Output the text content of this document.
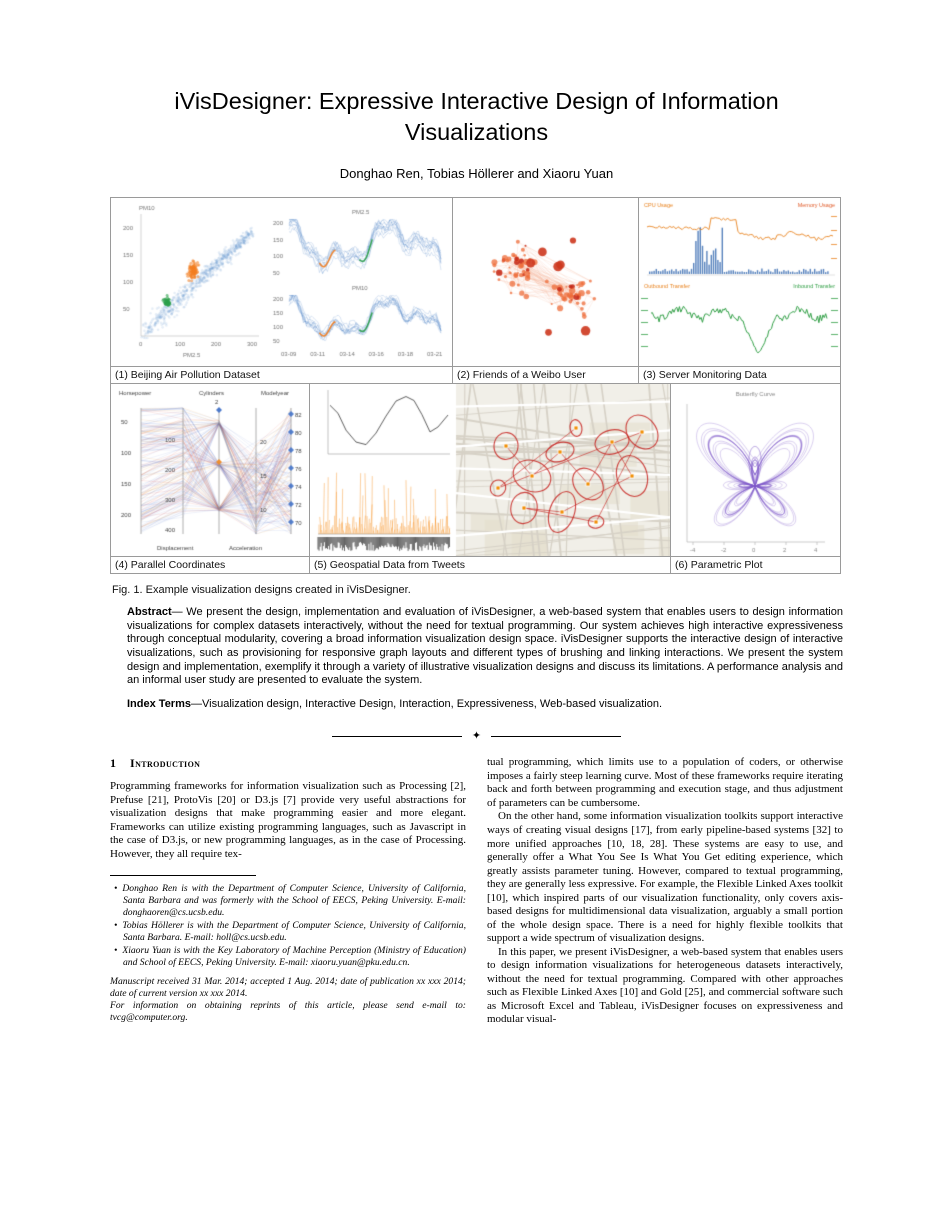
iVisDesigner: Expressive Interactive Design of Information Visualizations
Donghao Ren, Tobias Höllerer and Xiaoru Yuan
(1) Beijing Air Pollution Dataset	(2) Friends of a Weibo User	(3) Server Monitoring Data
(4) Parallel Coordinates	(5) Geospatial Data from Tweets	(6) Parametric Plot
Fig. 1. Example visualization designs created in iVisDesigner.

Abstract— We present the design, implementation and evaluation of iVisDesigner, a web-based system that enables users to design information visualizations for complex datasets interactively, without the need for textual programming. Our system achieves high interactive expressiveness through conceptual modularity, covering a broad information visualization design space. iVisDesigner supports the interactive design of interactive visualizations, such as provisioning for responsive graph layouts and different types of brushing and linking interactions. We present the system design and implementation, exemplify it through a variety of illustrative visualization designs and discuss its limitations. A performance analysis and an informal user study are presented to evaluate the system.

Index Terms—Visualization design, Interactive Design, Interaction, Expressiveness, Web-based visualization.

✦
1 Introduction

Programming frameworks for information visualization such as Processing [2], Prefuse [21], ProtoVis [20] or D3.js [7] provide very useful abstractions for visualization designs that make programming easier and more elegant. Frameworks can utilize existing programming languages, such as Javascript in the case of D3.js, or new programming languages, as in the case of Processing. However, they all require tex-

• Donghao Ren is with the Department of Computer Science, University of California, Santa Barbara and was formerly with the School of EECS, Peking University. E-mail: donghaoren@cs.ucsb.edu.
• Tobias Höllerer is with the Department of Computer Science, University of California, Santa Barbara. E-mail: holl@cs.ucsb.edu.
• Xiaoru Yuan is with the Key Laboratory of Machine Perception (Ministry of Education) and School of EECS, Peking University. E-mail: xiaoru.yuan@pku.edu.cn.

Manuscript received 31 Mar. 2014; accepted 1 Aug. 2014; date of publication xx xxx 2014; date of current version xx xxx 2014.

For information on obtaining reprints of this article, please send e-mail to: tvcg@computer.org.

tual programming, which limits use to a population of coders, or otherwise imposes a fairly steep learning curve. Most of these frameworks require iterating back and forth between programming and execution stage, and thus adjustment of parameters can be cumbersome.

On the other hand, some information visualization toolkits support interactive ways of creating visual designs [17], from early pipeline-based systems [32] to more unified approaches [10, 18, 28]. These systems are easy to use, and generally offer a What You See Is What You Get editing experience, which greatly assists parameter tuning. However, compared to textual programming, they are generally less expressive. For example, the Flexible Linked Axes toolkit [10], which inspired parts of our visualization functionality, only covers axis-based designs for multidimensional data visualization, arguably a small portion of the whole design space. There is a need for highly flexible toolkits that support a wide spectrum of visualization designs.

In this paper, we present iVisDesigner, a web-based system that enables users to design information visualizations for heterogeneous datasets interactively, without the need for textual programming. Compared with other approaches such as Flexible Linked Axes [10] and Gold [25], and commercial software such as Microsoft Excel and Tableau, iVisDesigner focuses on expressiveness and modular visual-
